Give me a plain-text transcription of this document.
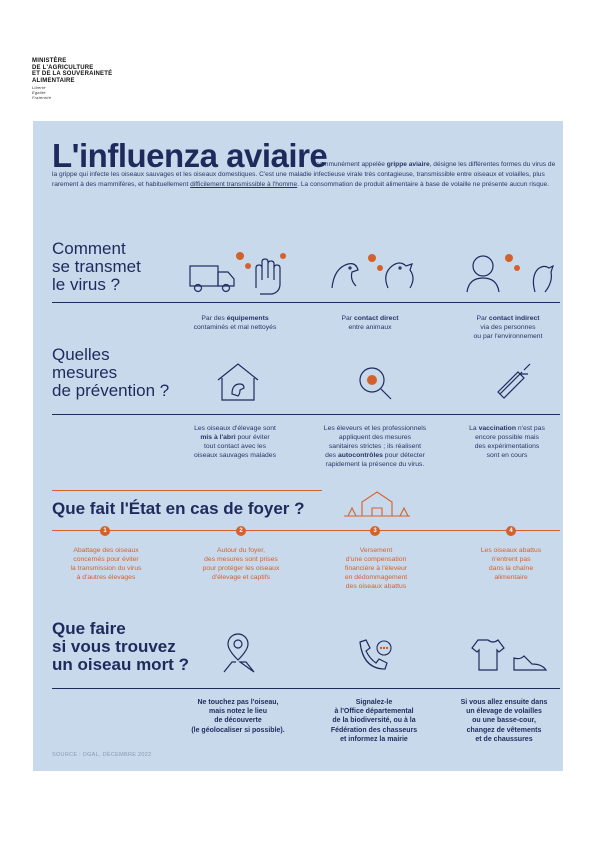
MINISTÈRE
DE L'AGRICULTURE
ET DE LA SOUVERAINETÉ
ALIMENTAIRE
Liberté
Égalité
Fraternité
L'influenza aviaire
communément appelée grippe aviaire, désigne les différentes formes du virus de la grippe qui infecte les oiseaux sauvages et les oiseaux domestiques. C'est une maladie infectieuse virale très contagieuse, transmissible entre oiseaux et volailles, plus rarement à des mammifères, et habituellement difficilement transmissible à l'homme. La consommation de produit alimentaire à base de volaille ne présente aucun risque.
Comment
se transmet
le virus ?
Par des équipements
contaminés et mal nettoyés
Par contact direct
entre animaux
Par contact indirect
via des personnes
ou par l'environnement
Quelles
mesures
de prévention ?
Les oiseaux d'élevage sont
mis à l'abri pour éviter
tout contact avec les
oiseaux sauvages malades
Les éleveurs et les professionnels
appliquent des mesures
sanitaires strictes ; ils réalisent
des autocontrôles pour détecter
rapidement la présence du virus.
La vaccination n'est pas
encore possible mais
des expérimentations
sont en cours
Que fait l'État en cas de foyer ?
1	2	3	4
Abattage des oiseaux
concernés pour éviter
la transmission du virus
à d'autres élevages
Autour du foyer,
des mesures sont prises
pour protéger les oiseaux
d'élevage et captifs
Versement
d'une compensation
financière à l'éleveur
en dédommagement
des oiseaux abattus
Les oiseaux abattus
n'entrent pas
dans la chaîne
alimentaire
Que faire
si vous trouvez
un oiseau mort ?
Ne touchez pas l'oiseau,
mais notez le lieu
de découverte
(le géolocaliser si possible).
Signalez-le
à l'Office départemental
de la biodiversité, ou à la
Fédération des chasseurs
et informez la mairie
Si vous allez ensuite dans
un élevage de volailles
ou une basse-cour,
changez de vêtements
et de chaussures
SOURCE : DGAL, DÉCEMBRE 2022
